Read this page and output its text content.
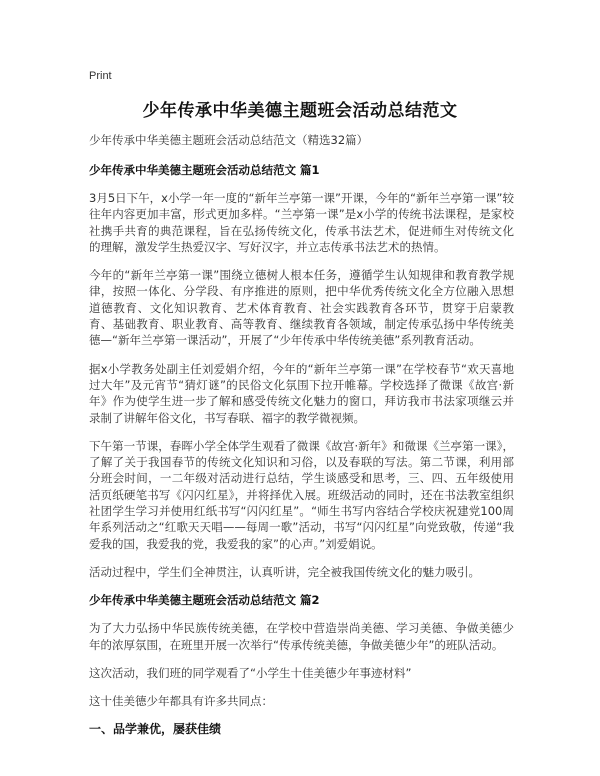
Print
少年传承中华美德主题班会活动总结范文

少年传承中华美德主题班会活动总结范文（精选32篇）

少年传承中华美德主题班会活动总结范文 篇1

3月5日下午，x小学一年一度的“新年兰亭第一课”开课，今年的“新年兰亭第一课”较往年内容更加丰富，形式更加多样。“兰亭第一课”是x小学的传统书法课程，是家校社携手共育的典范课程，旨在弘扬传统文化，传承书法艺术，促进师生对传统文化的理解，激发学生热爱汉字、写好汉字，并立志传承书法艺术的热情。

今年的“新年兰亭第一课”围绕立德树人根本任务，遵循学生认知规律和教育教学规律，按照一体化、分学段、有序推进的原则，把中华优秀传统文化全方位融入思想道德教育、文化知识教育、艺术体育教育、社会实践教育各环节，贯穿于启蒙教育、基础教育、职业教育、高等教育、继续教育各领域，制定传承弘扬中华传统美德—“新年兰亭第一课活动”，开展了“少年传承中华传统美德”系列教育活动。

据x小学教务处副主任刘爱娟介绍，今年的“新年兰亭第一课”在学校春节“欢天喜地过大年”及元宵节“猜灯谜”的民俗文化氛围下拉开帷幕。学校选择了微课《故宫·新年》作为使学生进一步了解和感受传统文化魅力的窗口，拜访我市书法家项继云并录制了讲解年俗文化，书写春联、福字的教学微视频。

下午第一节课，春晖小学全体学生观看了微课《故宫·新年》和微课《兰亭第一课》，了解了关于我国春节的传统文化知识和习俗，以及春联的写法。第二节课，利用部分班会时间，一二年级对活动进行总结，学生谈感受和思考，三、四、五年级使用活页纸硬笔书写《闪闪红星》，并将择优入展。班级活动的同时，还在书法教室组织社团学生学习并使用红纸书写“闪闪红星”。“师生书写内容结合学校庆祝建党100周年系列活动之“红歌天天唱——每周一歌”活动，书写“闪闪红星”向党致敬，传递“我爱我的国，我爱我的党，我爱我的家”的心声。”刘爱娟说。

活动过程中，学生们全神贯注，认真听讲，完全被我国传统文化的魅力吸引。

少年传承中华美德主题班会活动总结范文 篇2

为了大力弘扬中华民族传统美德，在学校中营造崇尚美德、学习美德、争做美德少年的浓厚氛围，在班里开展一次举行“传承传统美德，争做美德少年”的班队活动。

这次活动，我们班的同学观看了“小学生十佳美德少年事迹材料”

这十佳美德少年都具有许多共同点：

一、品学兼优，屡获佳绩
